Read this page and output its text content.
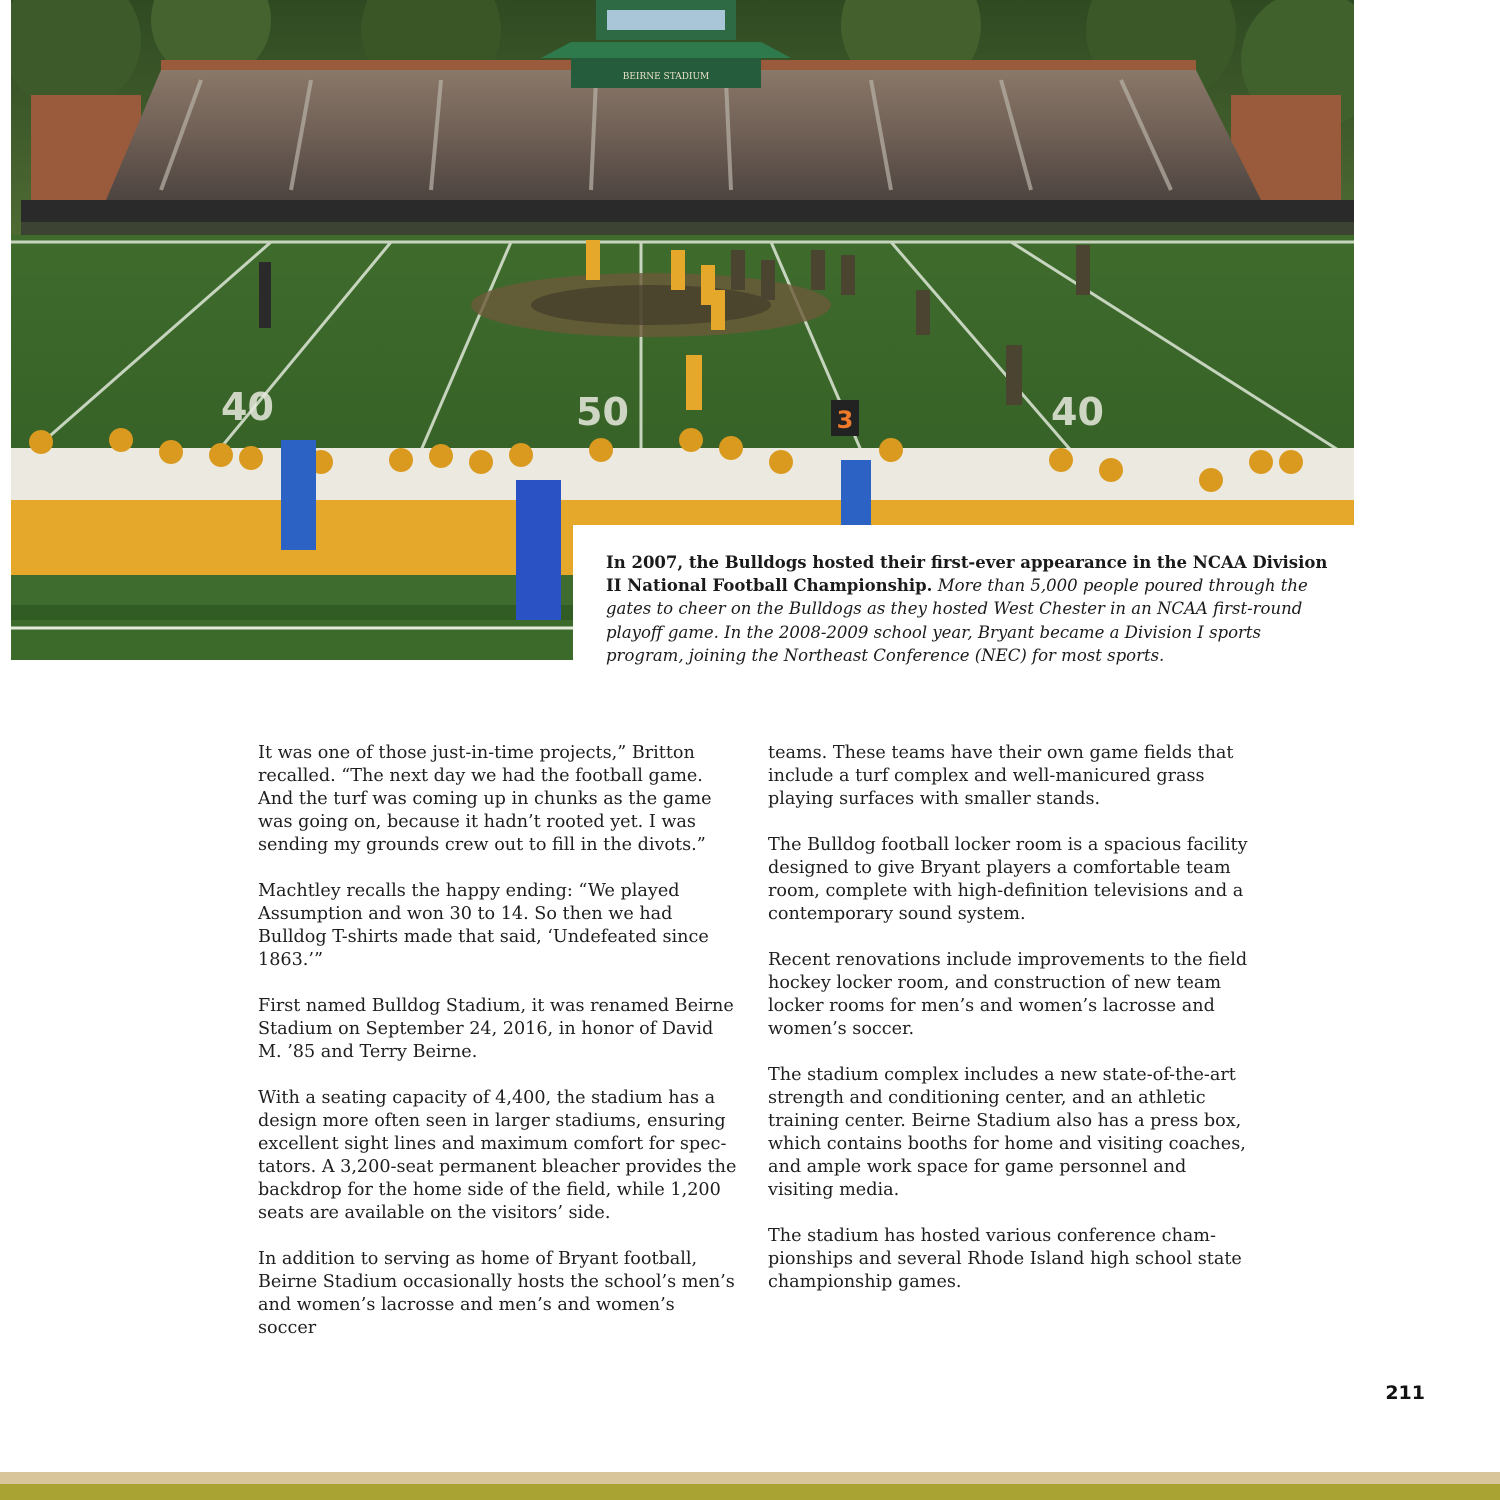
BEIRNE STADIUM
40	50	40
3
In 2007, the Bulldogs hosted their first-ever appearance in the NCAA Division II National Football Championship. More than 5,000 people poured through the gates to cheer on the Bulldogs as they hosted West Chester in an NCAA first-round playoff game. In the 2008-2009 school year, Bryant became a Division I sports program, joining the Northeast Conference (NEC) for most sports.

It was one of those just-in-time projects,” Britton recalled. “The next day we had the football game. And the turf was coming up in chunks as the game was going on, because it hadn’t rooted yet. I was sending my grounds crew out to fill in the divots.”

Machtley recalls the happy ending: “We played Assumption and won 30 to 14. So then we had Bulldog T-shirts made that said, ‘Undefeated since 1863.’”

First named Bulldog Stadium, it was renamed Beirne Stadium on September 24, 2016, in honor of David M. ’85 and Terry Beirne.

With a seating capacity of 4,400, the stadium has a design more often seen in larger stadiums, ensuring excellent sight lines and maximum comfort for spectators. A 3,200-seat permanent bleacher provides the backdrop for the home side of the field, while 1,200 seats are available on the visitors’ side.

In addition to serving as home of Bryant football, Beirne Stadium occasionally hosts the school’s men’s and women’s lacrosse and men’s and women’s soccer

teams. These teams have their own game fields that include a turf complex and well-manicured grass playing surfaces with smaller stands.

The Bulldog football locker room is a spacious facility designed to give Bryant players a comfortable team room, complete with high-definition televisions and a contemporary sound system.

Recent renovations include improvements to the field hockey locker room, and construction of new team locker rooms for men’s and women’s lacrosse and women’s soccer.

The stadium complex includes a new state-of-the-art strength and conditioning center, and an athletic training center. Beirne Stadium also has a press box, which contains booths for home and visiting coaches, and ample work space for game personnel and visiting media.

The stadium has hosted various conference championships and several Rhode Island high school state championship games.

211
